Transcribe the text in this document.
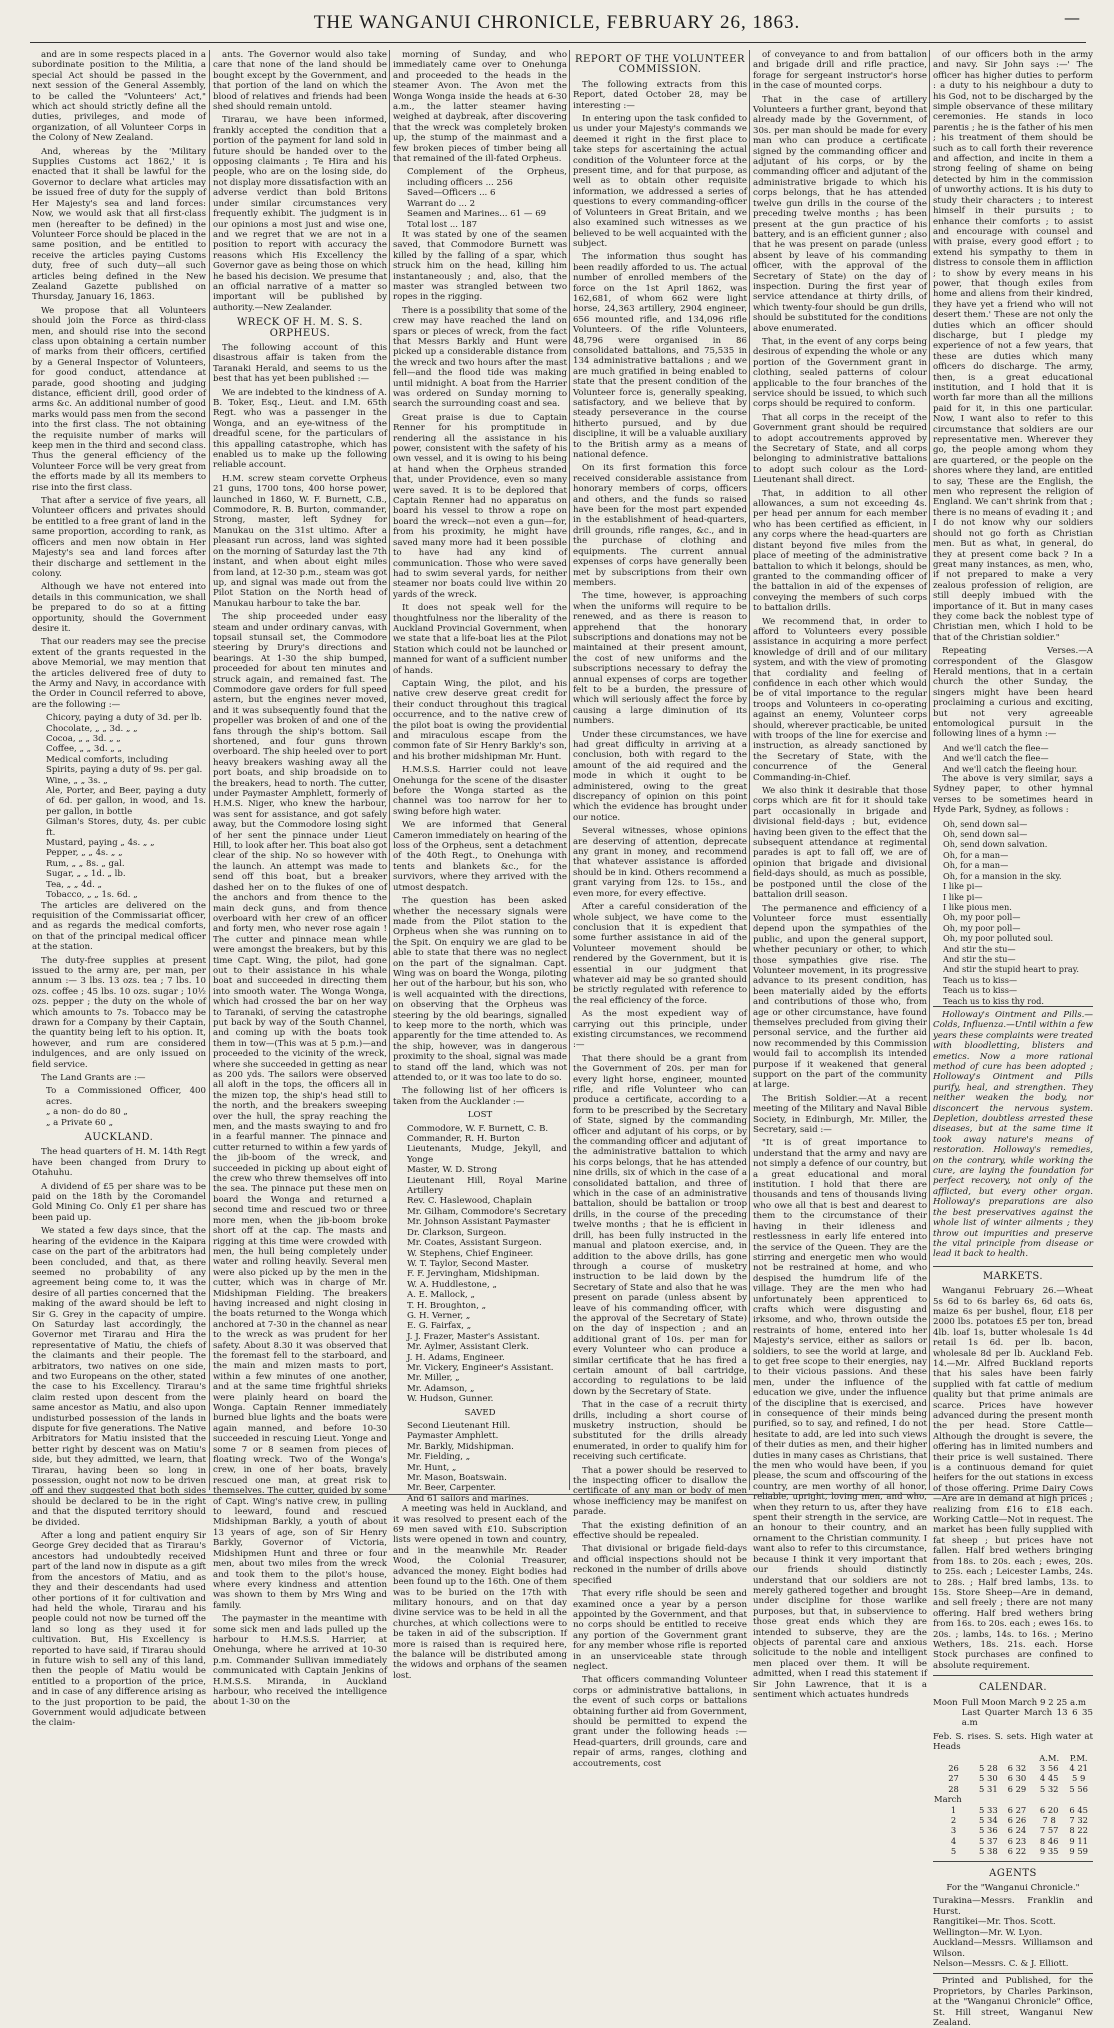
THE WANGANUI CHRONICLE, FEBRUARY 26, 1863.	—

and are in some respects placed in a subordinate position to the Militia, a special Act should be passed in the next session of the General Assembly, to be called the "Volunteers' Act," which act should strictly define all the duties, privileges, and mode of organization, of all Volunteer Corps in the Colony of New Zealand.

And, whereas by the 'Military Supplies Customs act 1862,' it is enacted that it shall be lawful for the Governor to declare what articles may be issued free of duty for the supply of Her Majesty's sea and land forces: Now, we would ask that all first-class men (hereafter to be defined) in the Volunteer Force should be placed in the same position, and be entitled to receive the articles paying Customs duty, free of such duty—all such articles being defined in the New Zealand Gazette published on Thursday, January 16, 1863.

We propose that all Volunteers should join the Force as third-class men, and should rise into the second class upon obtaining a certain number of marks from their officers, certified by a General Inspector of Volunteers, for good conduct, attendance at parade, good shooting and judging distance, efficient drill, good order of arms &c. An additional number of good marks would pass men from the second into the first class. The not obtaining the requisite number of marks will keep men in the third and second class. Thus the general efficiency of the Volunteer Force will be very great from the efforts made by all its members to rise into the first class.

That after a service of five years, all Volunteer officers and privates should be entitled to a free grant of land in the same proportion, according to rank, as officers and men now obtain in Her Majesty's sea and land forces after their discharge and settlement in the colony.

Although we have not entered into details in this communication, we shall be prepared to do so at a fitting opportunity, should the Government desire it.

That our readers may see the precise extent of the grants requested in the above Memorial, we may mention that the articles delivered free of duty to the Army and Navy, in accordance with the Order in Council referred to above, are the following :—

Chicory, paying a duty of 3d. per lb.
Chocolate, „ „ 3d. „ „
Cocoa, „ „ 3d. „ „
Coffee, „ „ 3d. „ „
Medical comforts, including
Spirits, paying a duty of 9s. per gal.
Wine, „ „ 3s. „
Ale, Porter, and Beer, paying a duty of 6d. per gallon, in wood, and 1s. per gallon, in bottle
Gilman's Stores, duty, 4s. per cubic ft.
Mustard, paying „ 4s. „ „
Pepper, „ „ 4s. „ „
Rum, „ „ 8s. „ gal.
Sugar, „ „ 1d. „ lb.
Tea, „ „ 4d. „
Tobacco, „ „ 1s. 6d. „

The articles are delivered on the requisition of the Commissariat officer, and as regards the medical comforts, on that of the principal medical officer at the station.

The duty-free supplies at present issued to the army are, per man, per annum :— 3 lbs. 13 ozs. tea ; 7 lbs. 10 ozs. coffee ; 45 lbs. 10 ozs. sugar ; 10½ ozs. pepper ; the duty on the whole of which amounts to 7s. Tobacco may be drawn for a Company by their Captain, the quantity being left to his option. It, however, and rum are considered indulgences, and are only issued on field service.

The Land Grants are :—

To a Commissioned Officer, 400 acres.
„ a non- do do 80 „
„ a Private 60 „

AUCKLAND.

The head quarters of H. M. 14th Regt have been changed from Drury to Otahuhu.

A dividend of £5 per share was to be paid on the 18th by the Coromandel Gold Mining Co. Only £1 per share has been paid up.

We stated a few days since, that the hearing of the evidence in the Kaipara case on the part of the arbitrators had been concluded, and that, as there seemed no probability of any agreement being come to, it was the desire of all parties concerned that the making of the award should be left to Sir G. Grey in the capacity of umpire. On Saturday last accordingly, the Governor met Tirarau and Hira the representative of Matiu, the chiefs of the claimants and their people. The arbitrators, two natives on one side, and two Europeans on the other, stated the case to his Excellency. Tirarau's claim rested upon descent from the same ancestor as Matiu, and also upon undisturbed possession of the lands in dispute for five generations. The Native Arbitrators for Matiu insisted that the better right by descent was on Matiu's side, but they admitted, we learn, that Tirarau, having been so long in possession, ought not now to be driven off and they suggested that both sides should be declared to be in the right and that the disputed territory should be divided.

After a long and patient enquiry Sir George Grey decided that as Tirarau's ancestors had undoubtedly received part of the land now in dispute as a gift from the ancestors of Matiu, and as they and their descendants had used other portions of it for cultivation and had held the whole, Tirarau and his people could not now be turned off the land so long as they used it for cultivation. But, His Excellency is reported to have said, if Tirarau should in future wish to sell any of this land, then the people of Matiu would be entitled to a proportion of the price, and in case of any difference arising as to the just proportion to be paid, the Government would adjudicate between the claim-

ants. The Governor would also take care that none of the land should be bought except by the Government, and that portion of the land on which the blood of relatives and friends had been shed should remain untold.

Tirarau, we have been informed, frankly accepted the condition that a portion of the payment for land sold in future should be handed over to the opposing claimants ; Te Hira and his people, who are on the losing side, do not display more dissatisfaction with an adverse verdict than bold Britons under similar circumstances very frequently exhibit. The judgment is in our opinions a most just and wise one, and we regret that we are not in a position to report with accuracy the reasons which His Excellency the Governor gave as being those on which he based his decision. We presume that an official narrative of a matter so important will be published by authority.—New Zealander.

WRECK OF H. M. S. S. ORPHEUS.

The following account of this disastrous affair is taken from the Taranaki Herald, and seems to us the best that has yet been published :—

We are indebted to the kindness of A. B. Toker, Esq., Lieut. and I.M. 65th Regt. who was a passenger in the Wonga, and an eye-witness of the dreadful scene, for the particulars of this appalling catastrophe, which has enabled us to make up the following reliable account.

H.M. screw steam corvette Orpheus 21 guns, 1700 tons, 400 horse power, launched in 1860, W. F. Burnett, C.B., Commodore, R. B. Burton, commander, Strong, master, left Sydney for Manukau on the 31st ultimo. After a pleasant run across, land was sighted on the morning of Saturday last the 7th instant, and when about eight miles from land, at 12-30 p.m., steam was got up, and signal was made out from the Pilot Station on the North head of Manukau harbour to take the bar.

The ship proceeded under easy steam and under ordinary canvas, with topsail stunsail set, the Commodore steering by Drury's directions and bearings. At 1-30 the ship bumped, proceeded for about ten minutes and struck again, and remained fast. The Commodore gave orders for full speed astern, but the engines never moved, and it was subsequently found that the propeller was broken of and one of the fans through the ship's bottom. Sail shortened, and four guns thrown overboard. The ship heeled over to port heavy breakers washing away all the port boats, and ship broadside on to the breakers, head to north. The cutter, under Paymaster Amphlett, formerly of H.M.S. Niger, who knew the harbour, was sent for assistance, and got safely away, but the Commodore losing sight of her sent the pinnace under Lieut Hill, to look after her. This boat also got clear of the ship. No so however with the launch. An attempt was made to send off this boat, but a breaker dashed her on to the flukes of one of the anchors and from thence to the main deck guns, and from thence overboard with her crew of an officer and forty men, who never rose again ! The cutter and pinnace mean while were amongst the breakers, but by this time Capt. Wing, the pilot, had gone out to their assistance in his whale boat and succeeded in directing them into smooth water. The Wonga Wonga, which had crossed the bar on her way to Taranaki, of serving the catastrophe put back by way of the South Channel, and coming up with the boats took them in tow—(This was at 5 p.m.)—and proceeded to the vicinity of the wreck, where she succeeded in getting as near as 200 yds. The sailors were observed all aloft in the tops, the officers all in the mizen top, the ship's head still to the north, and the breakers sweeping over the hull, the spray reaching the men, and the masts swaying to and fro in a fearful manner. The pinnace and cutter returned to within a few yards of the jib-boom of the wreck, and succeeded in picking up about eight of the crew who threw themselves off into the sea. The pinnace put these men on board the Wonga and returned a second time and rescued two or three more men, when the jib-boom broke short off at the cap. The masts and rigging at this time were crowded with men, the hull being completely under water and rolling heavily. Several men were also picked up by the men in the cutter, which was in charge of Mr. Midshipman Fielding. The breakers having increased and night closing in the boats returned to the Wonga which anchored at 7-30 in the channel as near to the wreck as was prudent for her safety. About 8.30 it was observed that the foremast fell to the starboard, and the main and mizen masts to port, within a few minutes of one another, and at the same time frightful shrieks were plainly heard on board the Wonga. Captain Renner immediately burned blue lights and the boats were again manned, and before 10-30 succeeded in rescuing Lieut. Yonge and some 7 or 8 seamen from pieces of floating wreck. Two of the Wonga's crew, in one of her boats, bravely rescued one man, at great risk to themselves. The cutter, guided by some of Capt. Wing's native crew, in pulling to leeward, found and rescued Midshipman Barkly, a youth of about 13 years of age, son of Sir Henry Barkly, Governor of Victoria, Midshipmen Hunt and three or four men, about two miles from the wreck and took them to the pilot's house, where every kindness and attention was shown to them by Mrs Wing and family.

The paymaster in the meantime with some sick men and lads pulled up the harbour to H.M.S.S. Harrier, at Onehunga, where he arrived at 10-30 p.m. Commander Sullivan immediately communicated with Captain Jenkins of H.M.S.S. Miranda, in Auckland harbour, who received the intelligence about 1-30 on the

morning of Sunday, and who immediately came over to Onehunga and proceeded to the heads in the steamer Avon. The Avon met the Wonga Wonga inside the heads at 6-30 a.m., the latter steamer having weighed at daybreak, after discovering that the wreck was completely broken up, the stump of the mainmast and a few broken pieces of timber being all that remained of the ill-fated Orpheus.

Complement of the Orpheus, including officers ... 256
Saved—Officers ... 6
Warrant do ... 2
Seamen and Marines... 61 — 69
Total lost ... 187

It was stated by one of the seamen saved, that Commodore Burnett was killed by the falling of a spar, which struck him on the head, killing him instantaneously ; and, also, that the master was strangled between two ropes in the rigging.

There is a possibility that some of the crew may have reached the land on spars or pieces of wreck, from the fact that Messrs Barkly and Hunt were picked up a considerable distance from the wreck and two hours after the mast fell—and the flood tide was making until midnight. A boat from the Harrier was ordered on Sunday morning to search the surrounding coast and sea.

Great praise is due to Captain Renner for his promptitude in rendering all the assistance in his power, consistent with the safety of his own vessel, and it is owing to his being at hand when the Orpheus stranded that, under Providence, even so many were saved. It is to be deplored that Captain Renner had no apparatus on board his vessel to throw a rope on board the wreck—not even a gun—for, from his proximity, he might have saved many more had it been possible to have had any kind of communication. Those who were saved had to swim several yards, for neither steamer nor boats could live within 20 yards of the wreck.

It does not speak well for the thoughtfulness nor the liberality of the Auckland Provincial Government, when we state that a life-boat lies at the Pilot Station which could not be launched or manned for want of a sufficient number of hands.

Captain Wing, the pilot, and his native crew deserve great credit for their conduct throughout this tragical occurrence, and to the native crew of the pilot boat is owing the providential and miraculous escape from the common fate of Sir Henry Barkly's son, and his brother midshipman Mr. Hunt.

H.M.S.S. Harrier could not leave Onehunga for the scene of the disaster before the Wonga started as the channel was too narrow for her to swing before high water.

We are informed that General Cameron immediately on hearing of the loss of the Orpheus, sent a detachment of the 40th Regt., to Onehunga with tents and blankets &c., for the survivors, where they arrived with the utmost despatch.

The question has been asked whether the necessary signals were made from the Pilot station to the Orpheus when she was running on to the Spit. On enquiry we are glad to be able to state that there was no neglect on the part of the signalman. Capt. Wing was on board the Wonga, piloting her out of the harbour, but his son, who is well acquainted with the directions, on observing that the Orpheus was steering by the old bearings, signalled to keep more to the north, which was apparently for the time attended to. As the ship, however, was in dangerous proximity to the shoal, signal was made to stand off the land, which was not attended to, or it was too late to do so.

The following list of her officers is taken from the Aucklander :—

LOST

Commodore, W. F. Burnett, C. B.
Commander, R. H. Burton
Lieutenants, Mudge, Jekyll, and Yonge
Master, W. D. Strong
Lieutenant Hill, Royal Marine Artillery
Rev. C. Haslewood, Chaplain
Mr. Gilham, Commodore's Secretary
Mr. Johnson Assistant Paymaster
Dr. Clarkson, Surgeon.
Mr. Coates, Assistant Surgeon.
W. Stephens, Chief Engineer.
W. T. Taylor, Second Master.
F. F. Jervingham, Midshipman.
W. A. Huddlestone, „
A. E. Mallock, „
T. H. Broughton, „
G. H. Verner, „
E. G. Fairfax, „
J. J. Frazer, Master's Assistant.
Mr. Aylmer, Assistant Clerk.
J. H. Adams, Engineer.
Mr. Vickery, Engineer's Assistant.
Mr. Miller, „
Mr. Adamson, „
W. Hudson, Gunner.

SAVED

Second Lieutenant Hill.
Paymaster Amphlett.
Mr. Barkly, Midshipman.
Mr. Fielding, „
Mr. Hunt, „
Mr. Mason, Boatswain.
Mr. Beer, Carpenter.
And 61 sailors and marines.

A meeting was held in Auckland, and it was resolved to present each of the 69 men saved with £10. Subscription lists were opened in town and country, and in the meanwhile Mr. Reader Wood, the Colonial Treasurer, advanced the money. Eight bodies had been found up to the 16th. One of them was to be buried on the 17th with military honours, and on that day divine service was to be held in all the churches, at which collections were to be taken in aid of the subscription. If more is raised than is required here, the balance will be distributed among the widows and orphans of the seamen lost.

REPORT OF THE VOLUNTEER COMMISSION.

The following extracts from this Report, dated October 28, may be interesting :—

In entering upon the task confided to us under your Majesty's commands we deemed it right in the first place to take steps for ascertaining the actual condition of the Volunteer force at the present time, and for that purpose, as well as to obtain other requisite information, we addressed a series of questions to every commanding-officer of Volunteers in Great Britain, and we also examined such witnesses as we believed to be well acquainted with the subject.

The information thus sought has been readily afforded to us. The actual number of enrolled members of the force on the 1st April 1862, was 162,681, of whom 662 were light horse, 24,363 artillery, 2904 engineer, 656 mounted rifle, and 134,096 rifle Volunteers. Of the rifle Volunteers, 48,796 were organised in 86 consolidated battalions, and 75,535 in 134 administrative battalions ; and we are much gratified in being enabled to state that the present condition of the Volunteer force is, generally speaking, satisfactory, and we believe that by steady perseverance in the course hitherto pursued, and by due discipline, it will be a valuable auxiliary to the British army as a means of national defence.

On its first formation this force received considerable assistance from honorary members of corps, officers and others, and the funds so raised have been for the most part expended in the establishment of head-quarters, drill grounds, rifle ranges, &c., and in the purchase of clothing and equipments. The current annual expenses of corps have generally been met by subscriptions from their own members.

The time, however, is approaching when the uniforms will require to be renewed, and as there is reason to apprehend that the honorary subscriptions and donations may not be maintained at their present amount, the cost of new uniforms and the subscriptions necessary to defray the annual expenses of corps are together felt to be a burden, the pressure of which will seriously affect the force by causing a large diminution of its numbers.

Under these circumstances, we have had great difficulty in arriving at a conclusion, both with regard to the amount of the aid required and the mode in which it ought to be administered, owing to the great discrepancy of opinion on this point which the evidence has brought under our notice.

Several witnesses, whose opinions are deserving of attention, deprecate any grant in money, and recommend that whatever assistance is afforded should be in kind. Others recommend a grant varying from 12s. to 15s., and even more, for every effective.

After a careful consideration of the whole subject, we have come to the conclusion that it is expedient that some further assistance in aid of the Volunteer movement should be rendered by the Government, but it is essential in our judgment that whatever aid may be so granted should be strictly regulated with reference to the real efficiency of the force.

As the most expedient way of carrying out this principle, under existing circumstances, we recommend :—

That there should be a grant from the Government of 20s. per man for every light horse, engineer, mounted rifle, and rifle Volunteer who can produce a certificate, according to a form to be prescribed by the Secretary of State, signed by the commanding officer and adjutant of his corps, or by the commanding officer and adjutant of the administrative battalion to which his corps belongs, that he has attended nine drills, six of which in the case of a consolidated battalion, and three of which in the case of an administrative battalion, should be battalion or troop drills, in the course of the preceding twelve months ; that he is efficient in drill, has been fully instructed in the manual and platoon exercise, and, in addition to the above drills, has gone through a course of musketry instruction to be laid down by the Secretary of State and also that he was present on parade (unless absent by leave of his commanding officer, with the approval of the Secretary of State) on the day of inspection ; and an additional grant of 10s. per man for every Volunteer who can produce a similar certificate that he has fired a certain amount of ball cartridge, according to regulations to be laid down by the Secretary of State.

That in the case of a recruit thirty drills, including a short course of musketry instruction, should be substituted for the drills already enumerated, in order to qualify him for receiving such certificate.

That a power should be reserved to the inspecting officer to disallow the certificate of any man or body of men whose inefficiency may be manifest on parade.

That the existing definition of an effective should be repealed.

That divisional or brigade field-days and official inspections should not be reckoned in the number of drills above specified

That every rifle should be seen and examined once a year by a person appointed by the Government, and that no corps should be entitled to receive any portion of the Government grant for any member whose rifle is reported in an unserviceable state through neglect.

That officers commanding Volunteer corps or administrative battalions, in the event of such corps or battalions obtaining further aid from Government, should be permitted to expend the grant under the following heads :—Head-quarters, drill grounds, care and repair of arms, ranges, clothing and accoutrements, cost

of conveyance to and from battalion and brigade drill and rifle practice, forage for sergeant instructor's horse in the case of mounted corps.

That in the case of artillery Volunteers a further grant, beyond that already made by the Government, of 30s. per man should be made for every man who can produce a certificate signed by the commanding officer and adjutant of his corps, or by the commanding officer and adjutant of the administrative brigade to which his corps belongs, that he has attended twelve gun drills in the course of the preceding twelve months ; has been present at the gun practice of his battery, and is an efficient gunner ; also that he was present on parade (unless absent by leave of his commanding officer, with the approval of the Secretary of State) on the day of inspection. During the first year of service attendance at thirty drills, of which twenty-four should be gun drills, should be substituted for the conditions above enumerated.

That, in the event of any corps being desirous of expending the whole or any portion of the Government grant in clothing, sealed patterns of colour applicable to the four branches of the service should be issued, to which such corps should be required to conform.

That all corps in the receipt of the Government grant should be required to adopt accoutrements approved by the Secretary of State, and all corps belonging to administrative battalions to adopt such colour as the Lord-Lieutenant shall direct.

That, in addition to all other allowances, a sum not exceeding 4s. per head per annum for each member who has been certified as efficient, in any corps where the head-quarters are distant beyond five miles from the place of meeting of the administrative battalion to which it belongs, should be granted to the commanding officer of the battalion in aid of the expenses of conveying the members of such corps to battalion drills.

We recommend that, in order to afford to Volunteers every possible assistance in acquiring a more perfect knowledge of drill and of our military system, and with the view of promoting that cordiality and feeling of confidence in each other which would be of vital importance to the regular troops and Volunteers in co-operating against an enemy, Volunteer corps should, wherever practicable, be united with troops of the line for exercise and instruction, as already sanctioned by the Secretary of State, with the concurrence of the General Commanding-in-Chief.

We also think it desirable that those corps which are fit for it should take part occasionally in brigade and divisional field-days ; but, evidence having been given to the effect that the subsequent attendance at regimental parades is apt to fall off, we are of opinion that brigade and divisional field-days should, as much as possible, be postponed until the close of the battalion drill season.

The permanence and efficiency of a Volunteer force must essentially depend upon the sympathies of the public, and upon the general support, whether pecuniary or other, to which those sympathies give rise. The Volunteer movement, in its progressive advance to its present condition, has been materially aided by the efforts and contributions of those who, from age or other circumstance, have found themselves precluded from giving their personal service, and the further aid now recommended by this Commission would fail to accomplish its intended purpose if it weakened that general support on the part of the community at large.

The British Soldier.—At a recent meeting of the Military and Naval Bible Society, in Edinburgh, Mr. Miller, the Secretary, said :—

"It is of great importance to understand that the army and navy are not simply a defence of our country, but a great educational and moral institution. I hold that there are thousands and tens of thousands living who owe all that is best and dearest to them to the circumstance of their having in their idleness and restlessness in early life entered into the service of the Queen. They are the stirring and energetic men who would not be restrained at home, and who despised the humdrum life of the village. They are the men who had unfortunately been apprenticed to crafts which were disgusting and irksome, and who, thrown outside the restraints of home, entered into her Majesty's service, either as sailors or soldiers, to see the world at large, and to get free scope to their energies, nay to their vicious passions. And these men, under the influence of the education we give, under the influence of the discipline that is exercised, and in consequence of their minds being purified, so to say, and refined, I do not hesitate to add, are led into such views of their duties as men, and their higher duties in many cases as Christians, that the men who would have been, if you please, the scum and offscouring of the country, are men worthy of all honor, reliable, upright, loving men, and who, when they return to us, after they have spent their strength in the service, are an honour to their country, and an ornament to the Christian community. I want also to refer to this circumstance, because I think it very important that our friends should distinctly understand that our soldiers are not merely gathered together and brought under discipline for those warlike purposes, but that, in subservience to those great ends which they are intended to subserve, they are the objects of parental care and anxious solicitude to the noble and intelligent men placed over them. It will be admitted, when I read this statement if Sir John Lawrence, that it is a sentiment which actuates hundreds

of our officers both in the army and navy. Sir John says :—' The officer has higher duties to perform : a duty to his neighbour a duty to his God, not to be discharged by the simple observance of these military ceremonies. He stands in loco parentis ; he is the father of his men ; his treatment of them should be such as to call forth their reverence and affection, and incite in them a strong feeling of shame on being detected by him in the commission of unworthy actions. It is his duty to study their characters ; to interest himself in their pursuits ; to enhance their comforts ; to assist and encourage with counsel and with praise, every good effort ; to extend his sympathy to them in distress to console them in affliction ; to show by every means in his power, that though exiles from home and aliens from their kindred, they have yet a friend who will not desert them.' These are not only the duties which an officer should discharge, but I pledge my experience of not a few years, that these are duties which many officers do discharge. The army, then, is a great educational institution, and I hold that it is worth far more than all the millions paid for it, in this one particular. Now, I want also to refer to this circumstance that soldiers are our representative men. Wherever they go, the people among whom they are quartered, or the people on the shores where they land, are entitled to say, These are the English, the men who represent the religion of England. We can't shrink from that ; there is no means of evading it ; and I do not know why our soldiers should not go forth as Christian men. But as what, in general, do they at present come back ? In a great many instances, as men, who, if not prepared to make a very zealous profession of religion, are still deeply imbued with the importance of it. But in many cases they come back the noblest type of Christian men, which I hold to be that of the Christian soldier."

Repeating Verses.—A correspondent of the Glasgow Herald mentions, that in a certain church the other Sunday, the singers might have been heard proclaiming a curious and exciting, but not very agreeable entomological pursuit in the following lines of a hymn :—

And we'll catch the flee—
And we'll catch the flee—
And we'll catch the fleeing hour.

The above is very similar, says a Sydney paper, to other hymnal verses to be sometimes heard in Hyde Park, Sydney, as follows :

Oh, send down sal—
Oh, send down sal—
Oh, send down salvation.
Oh, for a man—
Oh, for a man—
Oh, for a mansion in the sky.
I like pi—
I like pi—
I like pious men.
Oh, my poor poll—
Oh, my poor poll—
Oh, my poor polluted soul.
And stir the stu—
And stir the stu—
And stir the stupid heart to pray.
Teach us to kiss—
Teach us to kiss—
Teach us to kiss thy rod.

Holloway's Ointment and Pills.—Colds, Influenza.—Until within a few years these complaints were treated with bloodletting, blisters and emetics. Now a more rational method of cure has been adopted ; Holloway's Ointment and Pills purify, heal, and strengthen. They neither weaken the body, nor disconcert the nervous system. Depletion, doubtless arrested these diseases, but at the same time it took away nature's means of restoration. Holloway's remedies, on the contrary, while working the cure, are laying the foundation for perfect recovery, not only of the afflicted, but every other organ. Holloway's preparations are also the best preservatives against the whole list of winter ailments ; they throw out impurities and preserve the vital principle from disease or lead it back to health.

MARKETS.

Wanganui February 26.—Wheat 5s 6d to 6s barley 6s, 6d oats 6s, maize 6s per bushel, flour, £18 per 2000 lbs. potatoes £5 per ton, bread 4lb. loaf 1s, butter wholesale 1s 4d retail 1s 6d. per lb. bacon, wholesale 8d per lb. Auckland Feb. 14.—Mr. Alfred Buckland reports that his sales have been fairly supplied with fat cattle of medium quality but that prime animals are scarce. Prices have however advanced during the present month the per head. Store Cattle—Although the drought is severe, the offering has in limited numbers and their price is well sustained. There is a continuous demand for quiet heifers for the out stations in excess of those offering. Prime Dairy Cows—Are are in demand at high prices ; realizing from £16 to £18 each. Working Cattle—Not in request. The market has been fully supplied with fat sheep ; but prices have not fallen. Half bred wethers bringing from 18s. to 20s. each ; ewes, 20s. to 25s. each ; Leicester Lambs, 24s. to 28s. ; Half bred lambs, 13s. to 15s. Store Sheep—Are in demand, and sell freely ; there are not many offering. Half bred wethers bring from 16s. to 20s. each ; ewes 16s. to 20s. ; lambs, 14s. to 16s. ; Merino Wethers, 18s. 21s. each. Horse Stock purchases are confined to absolute requirement.

CALENDAR.

Moon Full Moon March 9 2 25 a.m
Last Quarter March 13 6 35 a.m
Feb. S. rises. S. sets. High water at Heads
				A.M.	P.M.
26	5 28	6 32		3 56	4 21
27	5 30	6 30		4 45	5 9
28	5 31	6 29		5 32	5 56
March					
1	5 33	6 27		6 20	6 45
2	5 34	6 26		7 8	7 32
3	5 36	6 24		7 57	8 22
4	5 37	6 23		8 46	9 11
5	5 38	6 22		9 35	9 59

AGENTS

For the "Wanganui Chronicle."

Turakina—Messrs. Franklin and Hurst.
Rangitikei—Mr. Thos. Scott.
Wellington—Mr. W. Lyon.
Auckland—Messrs. Williamson and Wilson.
Nelson—Messrs. C. & J. Elliott.

Printed and Published, for the Proprietors, by Charles Parkinson, at the "Wanganui Chronicle" Office, St. Hill street, Wanganui New Zealand.
